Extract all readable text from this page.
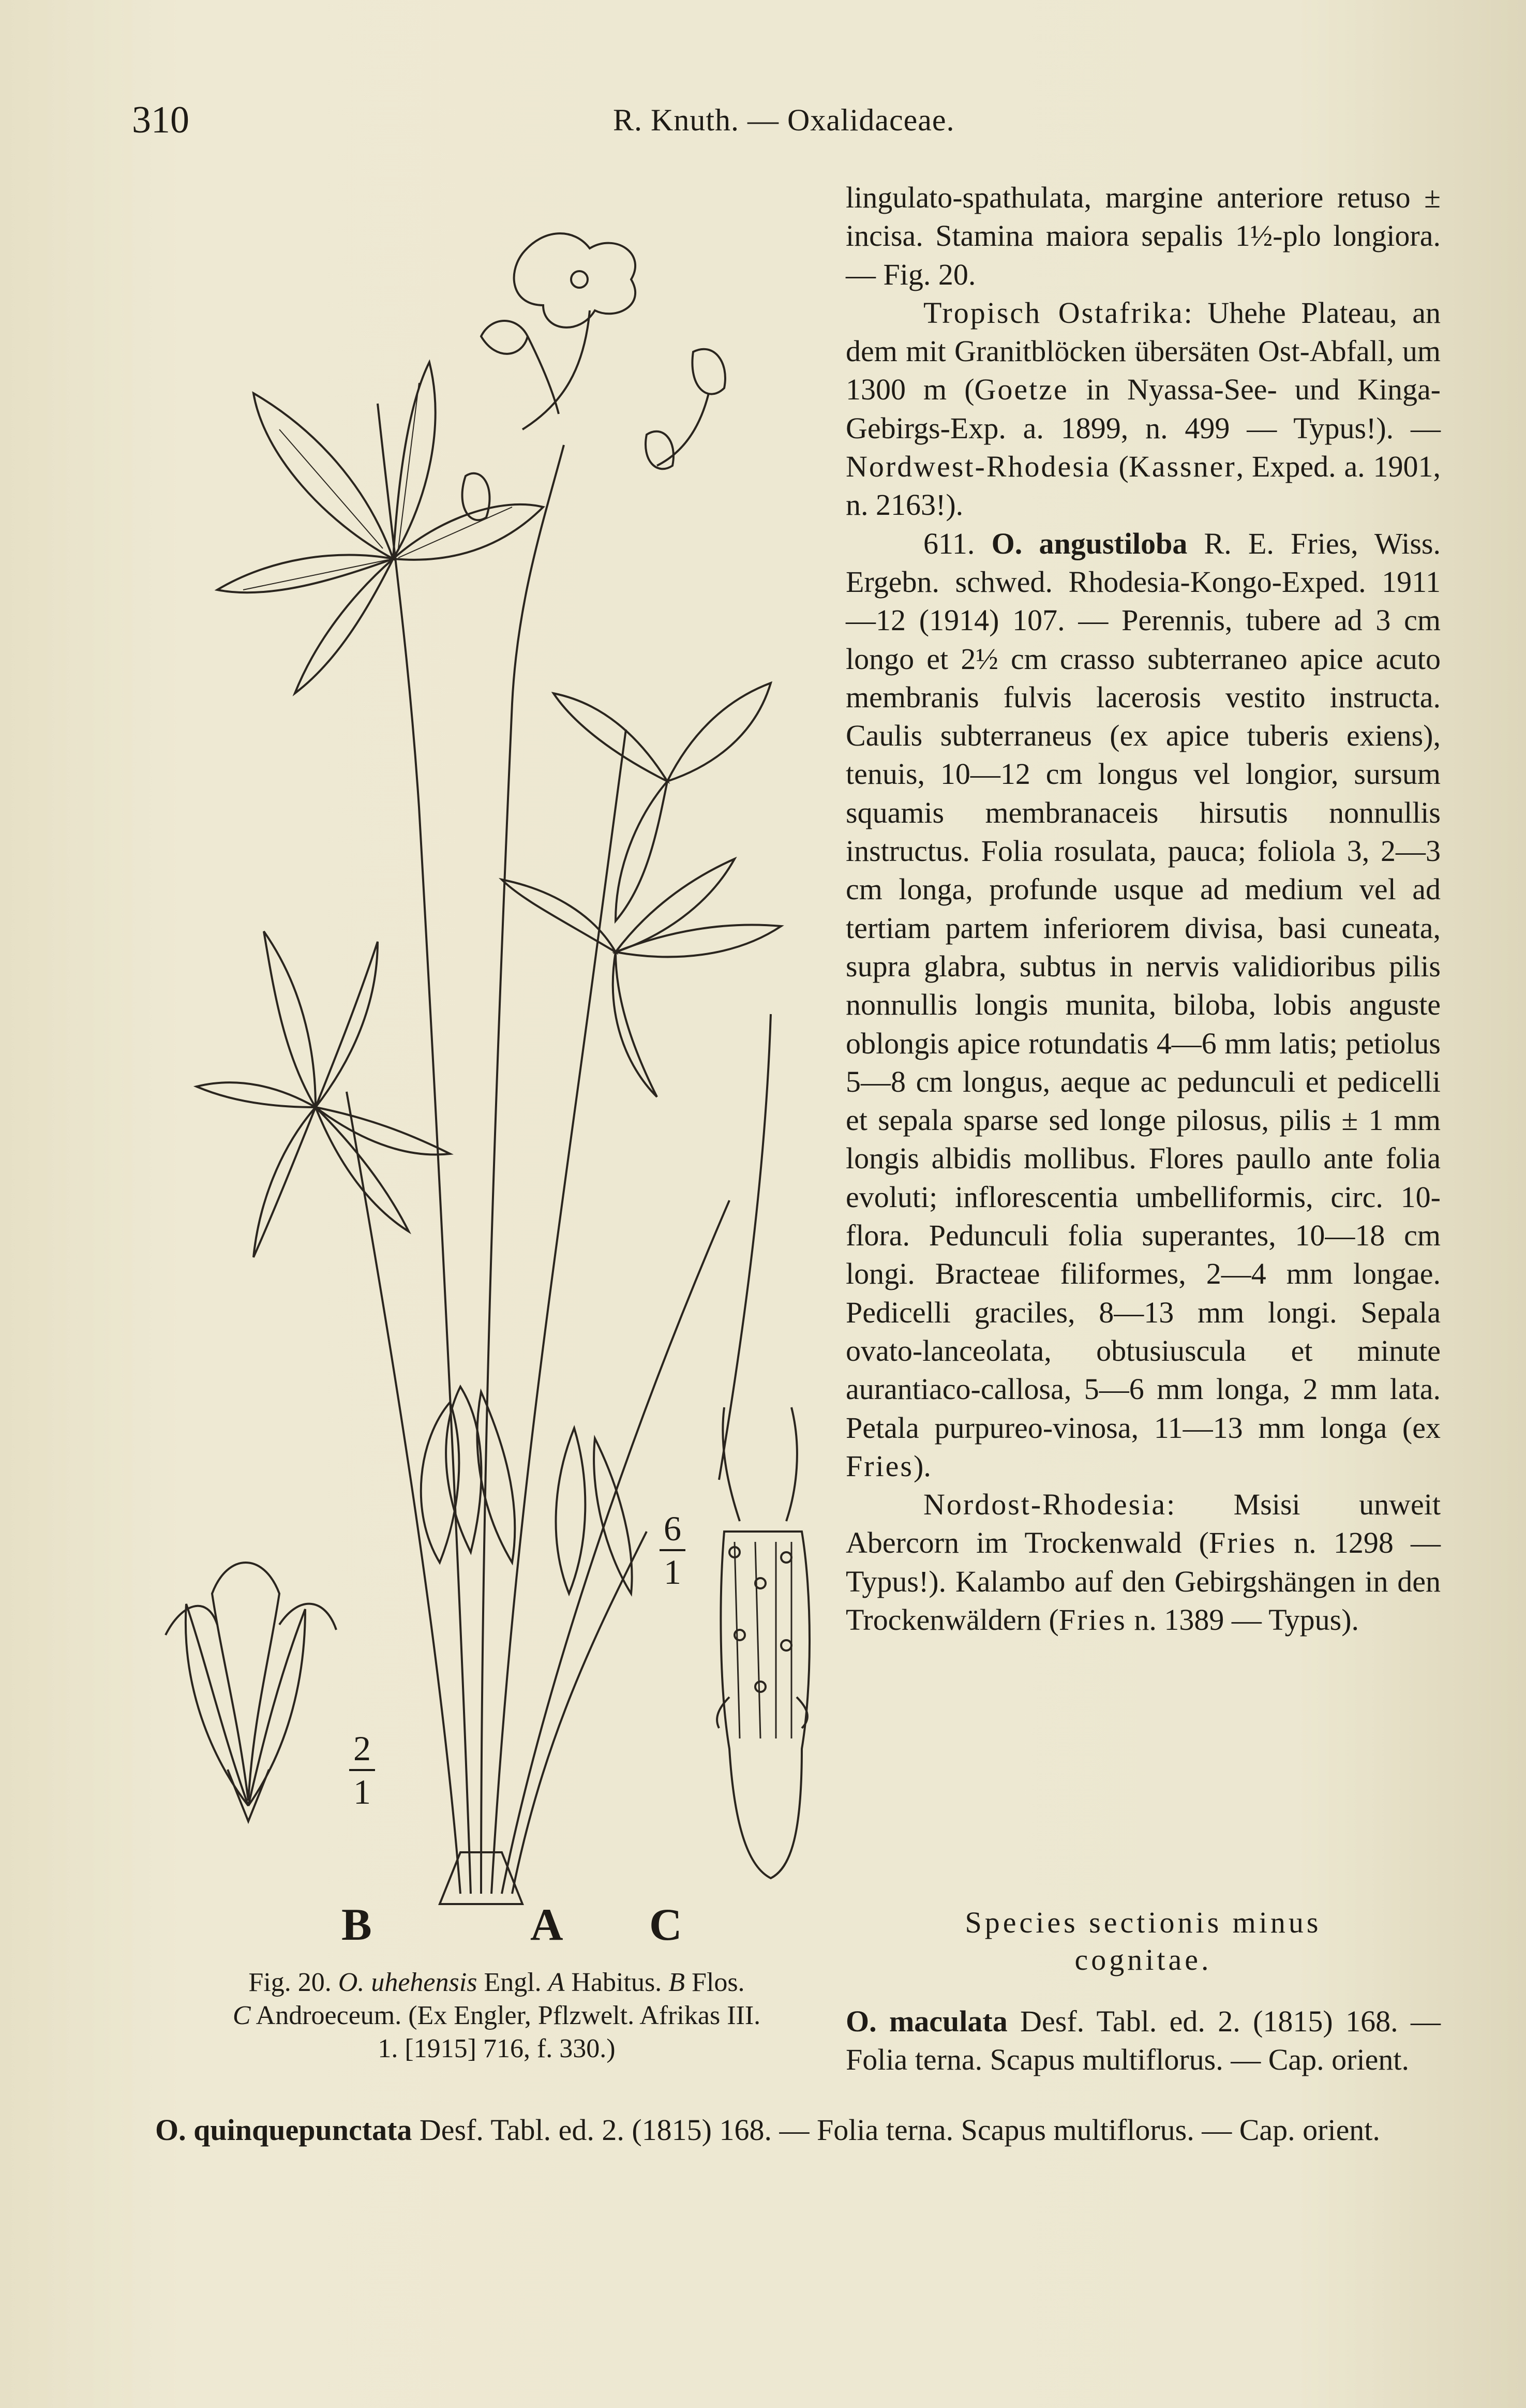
310	R. Knuth. — Oxalidaceae.
B	A C
2
1
6
1
Fig. 20. O. uhehensis Engl. A Habitus. B Flos.
C Androeceum. (Ex Engler, Pflzwelt. Afrikas III.
1. [1915] 716, f. 330.)

lingulato-spathulata, margine anteriore retuso ± incisa. Stamina maiora sepalis 1½-plo longiora. — Fig. 20.

Tropisch Ostafrika: Uhehe Plateau, an dem mit Granitblöcken übersäten Ost-Abfall, um 1300 m (Goetze in Nyassa-See- und Kinga-Gebirgs-Exp. a. 1899, n. 499 — Typus!). — Nordwest-Rhodesia (Kassner, Exped. a. 1901, n. 2163!).

611. O. angustiloba R. E. Fries, Wiss. Ergebn. schwed. Rhodesia-Kongo-Exped. 1911—12 (1914) 107. — Perennis, tubere ad 3 cm longo et 2½ cm crasso subterraneo apice acuto membranis fulvis lacerosis vestito instructa. Caulis subterraneus (ex apice tuberis exiens), tenuis, 10—12 cm longus vel longior, sursum squamis membranaceis hirsutis nonnullis instructus. Folia rosulata, pauca; foliola 3, 2—3 cm longa, profunde usque ad medium vel ad tertiam partem inferiorem divisa, basi cuneata, supra glabra, subtus in nervis validioribus pilis nonnullis longis munita, biloba, lobis anguste oblongis apice rotundatis 4—6 mm latis; petiolus 5—8 cm longus, aeque ac pedunculi et pedicelli et sepala sparse sed longe pilosus, pilis ± 1 mm longis albidis mollibus. Flores paullo ante folia evoluti; inflorescentia umbelliformis, circ. 10-flora. Pedunculi folia superantes, 10—18 cm longi. Bracteae filiformes, 2—4 mm longae. Pedicelli graciles, 8—13 mm longi. Sepala ovato-lanceolata, obtusiuscula et minute aurantiaco-callosa, 5—6 mm longa, 2 mm lata. Petala purpureo-vinosa, 11—13 mm longa (ex Fries).

Nordost-Rhodesia: Msisi unweit Abercorn im Trockenwald (Fries n. 1298 — Typus!). Kalambo auf den Gebirgshängen in den Trockenwäldern (Fries n. 1389 — Typus).

Species sectionis minus
cognitae.
O. maculata Desf. Tabl. ed. 2. (1815) 168. — Folia terna. Scapus multiflorus. — Cap. orient.
O. quinquepunctata Desf. Tabl. ed. 2. (1815) 168. — Folia terna. Scapus multiflorus. — Cap. orient.
